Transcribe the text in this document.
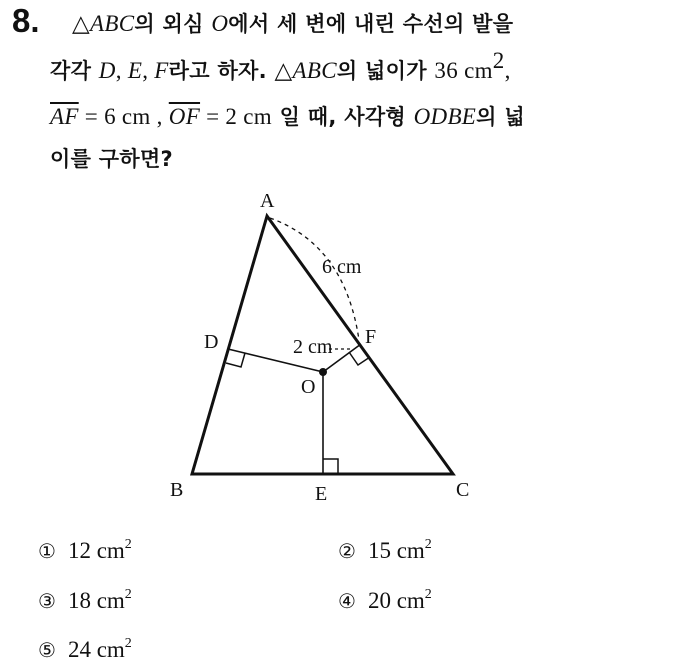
8. △ABC의 외심 O에서 세 변에 내린 수선의 발을
각각 D, E, F라고 하자. △ABC의 넓이가 36 $cm^2$,
$\overline{AF} = 6$ cm , $\overline{OF} = 2$ cm 일 때, 사각형 ODBE의 넓
이를 구하면?
A
B	C
D
E
F
O
6 cm
2 cm
① 12 $cm^2$	② 15 $cm^2$
③ 18 $cm^2$	④ 20 $cm^2$
⑤ 24 $cm^2$
